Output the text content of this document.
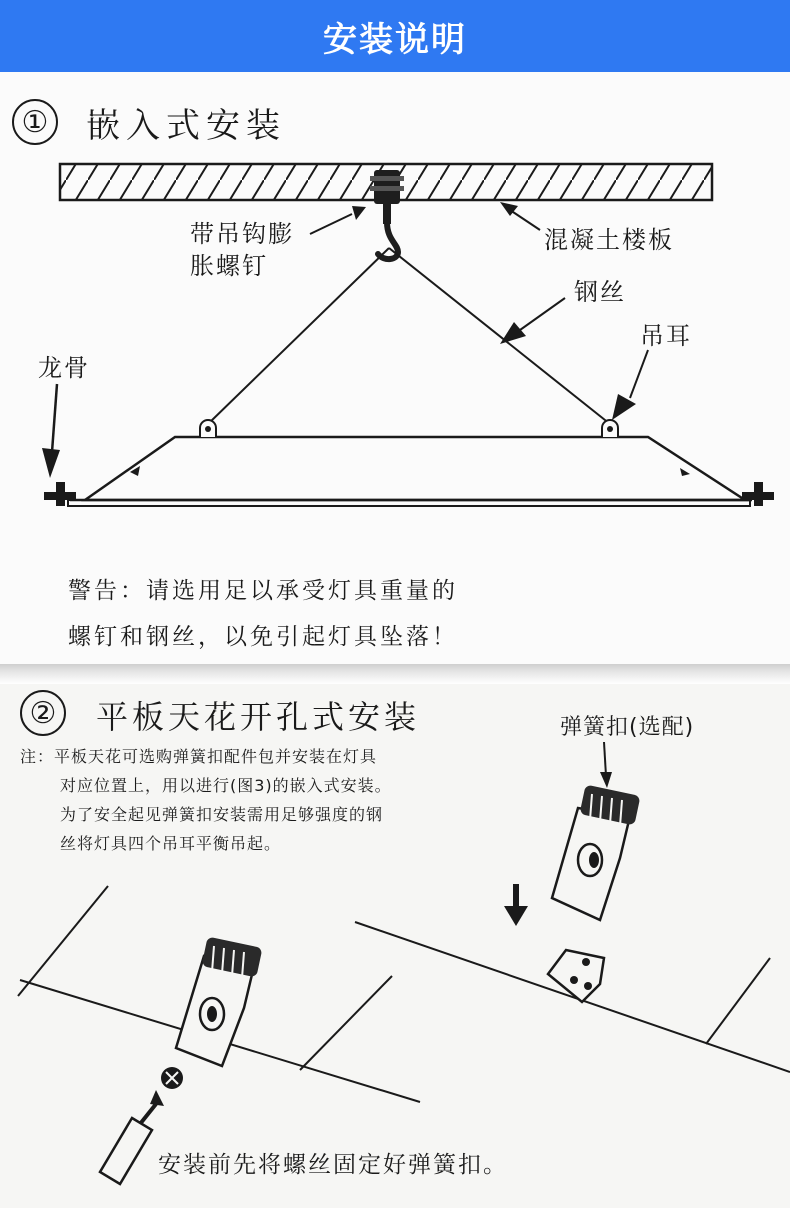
安装说明
① 嵌入式安装
混凝土楼板
带吊钩膨
胀螺钉
钢丝
吊耳
龙骨
警告：请选用足以承受灯具重量的
螺钉和钢丝，以免引起灯具坠落！
② 平板天花开孔式安装	弹簧扣(选配)
注：平板天花可选购弹簧扣配件包并安装在灯具
对应位置上，用以进行(图3)的嵌入式安装。
为了安全起见弹簧扣安装需用足够强度的钢
丝将灯具四个吊耳平衡吊起。
安装前先将螺丝固定好弹簧扣。
